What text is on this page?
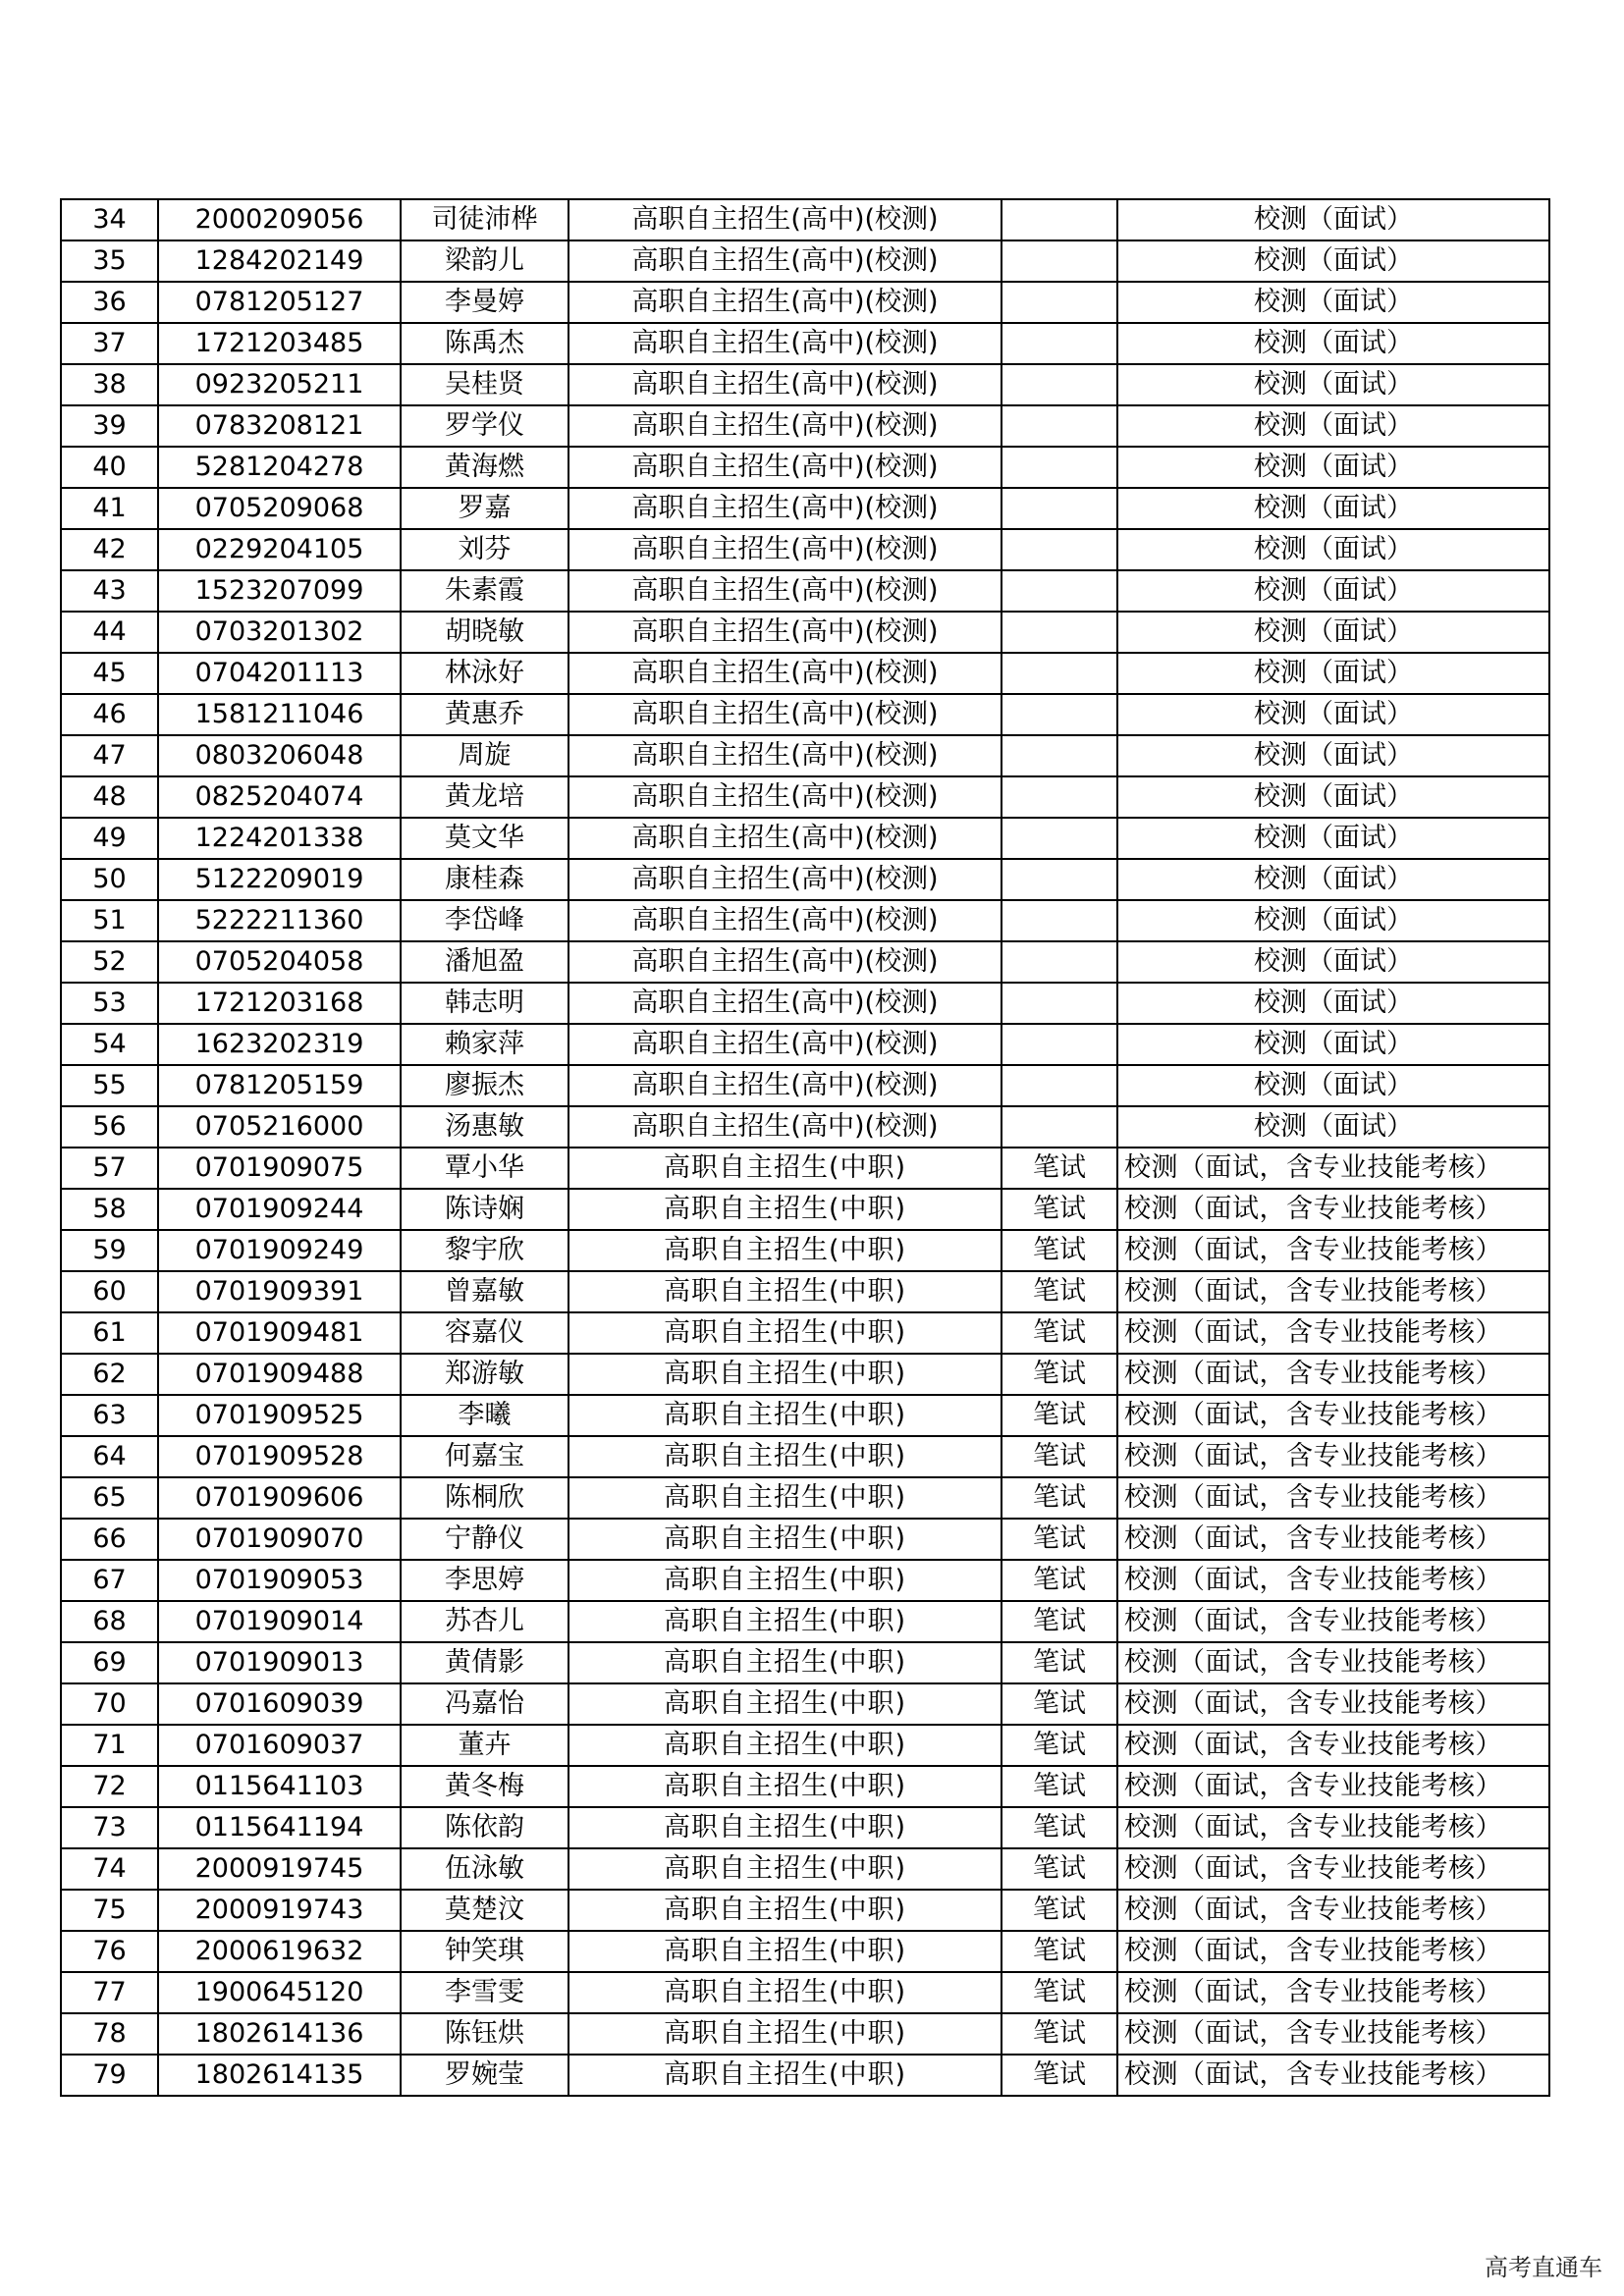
34	2000209056	司徒沛桦	高职自主招生(高中)(校测)		校测（面试）
35	1284202149	梁韵儿	高职自主招生(高中)(校测)		校测（面试）
36	0781205127	李曼婷	高职自主招生(高中)(校测)		校测（面试）
37	1721203485	陈禹杰	高职自主招生(高中)(校测)		校测（面试）
38	0923205211	吴桂贤	高职自主招生(高中)(校测)		校测（面试）
39	0783208121	罗学仪	高职自主招生(高中)(校测)		校测（面试）
40	5281204278	黄海燃	高职自主招生(高中)(校测)		校测（面试）
41	0705209068	罗嘉	高职自主招生(高中)(校测)		校测（面试）
42	0229204105	刘芬	高职自主招生(高中)(校测)		校测（面试）
43	1523207099	朱素霞	高职自主招生(高中)(校测)		校测（面试）
44	0703201302	胡晓敏	高职自主招生(高中)(校测)		校测（面试）
45	0704201113	林泳好	高职自主招生(高中)(校测)		校测（面试）
46	1581211046	黄惠乔	高职自主招生(高中)(校测)		校测（面试）
47	0803206048	周旋	高职自主招生(高中)(校测)		校测（面试）
48	0825204074	黄龙培	高职自主招生(高中)(校测)		校测（面试）
49	1224201338	莫文华	高职自主招生(高中)(校测)		校测（面试）
50	5122209019	康桂森	高职自主招生(高中)(校测)		校测（面试）
51	5222211360	李岱峰	高职自主招生(高中)(校测)		校测（面试）
52	0705204058	潘旭盈	高职自主招生(高中)(校测)		校测（面试）
53	1721203168	韩志明	高职自主招生(高中)(校测)		校测（面试）
54	1623202319	赖家萍	高职自主招生(高中)(校测)		校测（面试）
55	0781205159	廖振杰	高职自主招生(高中)(校测)		校测（面试）
56	0705216000	汤惠敏	高职自主招生(高中)(校测)		校测（面试）
57	0701909075	覃小华	高职自主招生(中职)	笔试	校测（面试，含专业技能考核）
58	0701909244	陈诗娴	高职自主招生(中职)	笔试	校测（面试，含专业技能考核）
59	0701909249	黎宇欣	高职自主招生(中职)	笔试	校测（面试，含专业技能考核）
60	0701909391	曾嘉敏	高职自主招生(中职)	笔试	校测（面试，含专业技能考核）
61	0701909481	容嘉仪	高职自主招生(中职)	笔试	校测（面试，含专业技能考核）
62	0701909488	郑游敏	高职自主招生(中职)	笔试	校测（面试，含专业技能考核）
63	0701909525	李曦	高职自主招生(中职)	笔试	校测（面试，含专业技能考核）
64	0701909528	何嘉宝	高职自主招生(中职)	笔试	校测（面试，含专业技能考核）
65	0701909606	陈桐欣	高职自主招生(中职)	笔试	校测（面试，含专业技能考核）
66	0701909070	宁静仪	高职自主招生(中职)	笔试	校测（面试，含专业技能考核）
67	0701909053	李思婷	高职自主招生(中职)	笔试	校测（面试，含专业技能考核）
68	0701909014	苏杏儿	高职自主招生(中职)	笔试	校测（面试，含专业技能考核）
69	0701909013	黄倩影	高职自主招生(中职)	笔试	校测（面试，含专业技能考核）
70	0701609039	冯嘉怡	高职自主招生(中职)	笔试	校测（面试，含专业技能考核）
71	0701609037	董卉	高职自主招生(中职)	笔试	校测（面试，含专业技能考核）
72	0115641103	黄冬梅	高职自主招生(中职)	笔试	校测（面试，含专业技能考核）
73	0115641194	陈依韵	高职自主招生(中职)	笔试	校测（面试，含专业技能考核）
74	2000919745	伍泳敏	高职自主招生(中职)	笔试	校测（面试，含专业技能考核）
75	2000919743	莫楚汶	高职自主招生(中职)	笔试	校测（面试，含专业技能考核）
76	2000619632	钟笑琪	高职自主招生(中职)	笔试	校测（面试，含专业技能考核）
77	1900645120	李雪雯	高职自主招生(中职)	笔试	校测（面试，含专业技能考核）
78	1802614136	陈钰烘	高职自主招生(中职)	笔试	校测（面试，含专业技能考核）
79	1802614135	罗婉莹	高职自主招生(中职)	笔试	校测（面试，含专业技能考核）
高考直通车
